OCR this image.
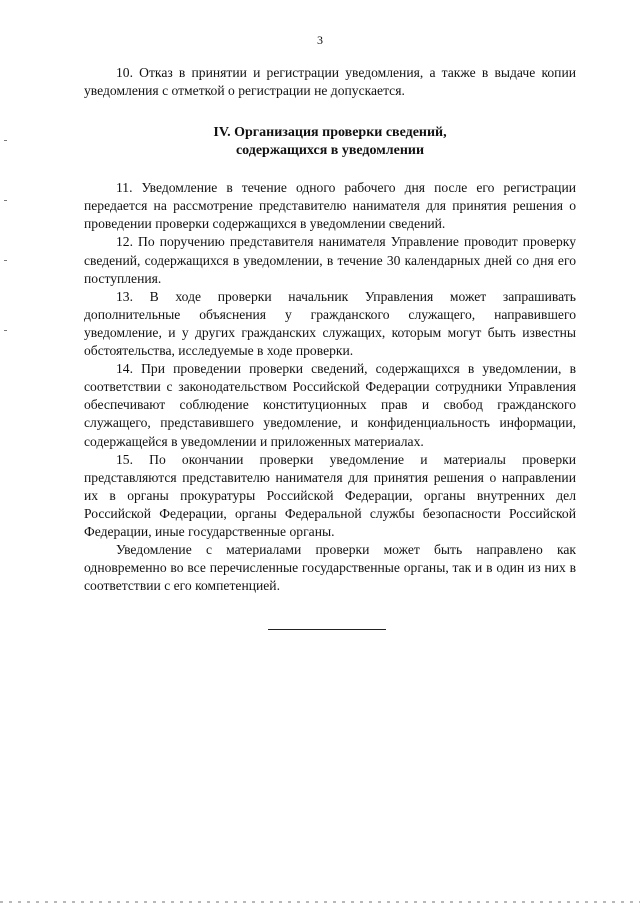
3

10. Отказ в принятии и регистрации уведомления, а также в выдаче копии уведомления с отметкой о регистрации не допускается.

IV. Организация проверки сведений,
содержащихся в уведомлении

11. Уведомление в течение одного рабочего дня после его регистрации передается на рассмотрение представителю нанимателя для принятия решения о проведении проверки содержащихся в уведомлении сведений.

12. По поручению представителя нанимателя Управление проводит проверку сведений, содержащихся в уведомлении, в течение 30 календарных дней со дня его поступления.

13. В ходе проверки начальник Управления может запрашивать дополнительные объяснения у гражданского служащего, направившего уведомление, и у других гражданских служащих, которым могут быть известны обстоятельства, исследуемые в ходе проверки.

14. При проведении проверки сведений, содержащихся в уведомлении, в соответствии с законодательством Российской Федерации сотрудники Управления обеспечивают соблюдение конституционных прав и свобод гражданского служащего, представившего уведомление, и конфиденциальность информации, содержащейся в уведомлении и приложенных материалах.

15. По окончании проверки уведомление и материалы проверки представляются представителю нанимателя для принятия решения о направлении их в органы прокуратуры Российской Федерации, органы внутренних дел Российской Федерации, органы Федеральной службы безопасности Российской Федерации, иные государственные органы.

Уведомление с материалами проверки может быть направлено как одновременно во все перечисленные государственные органы, так и в один из них в соответствии с его компетенцией.
